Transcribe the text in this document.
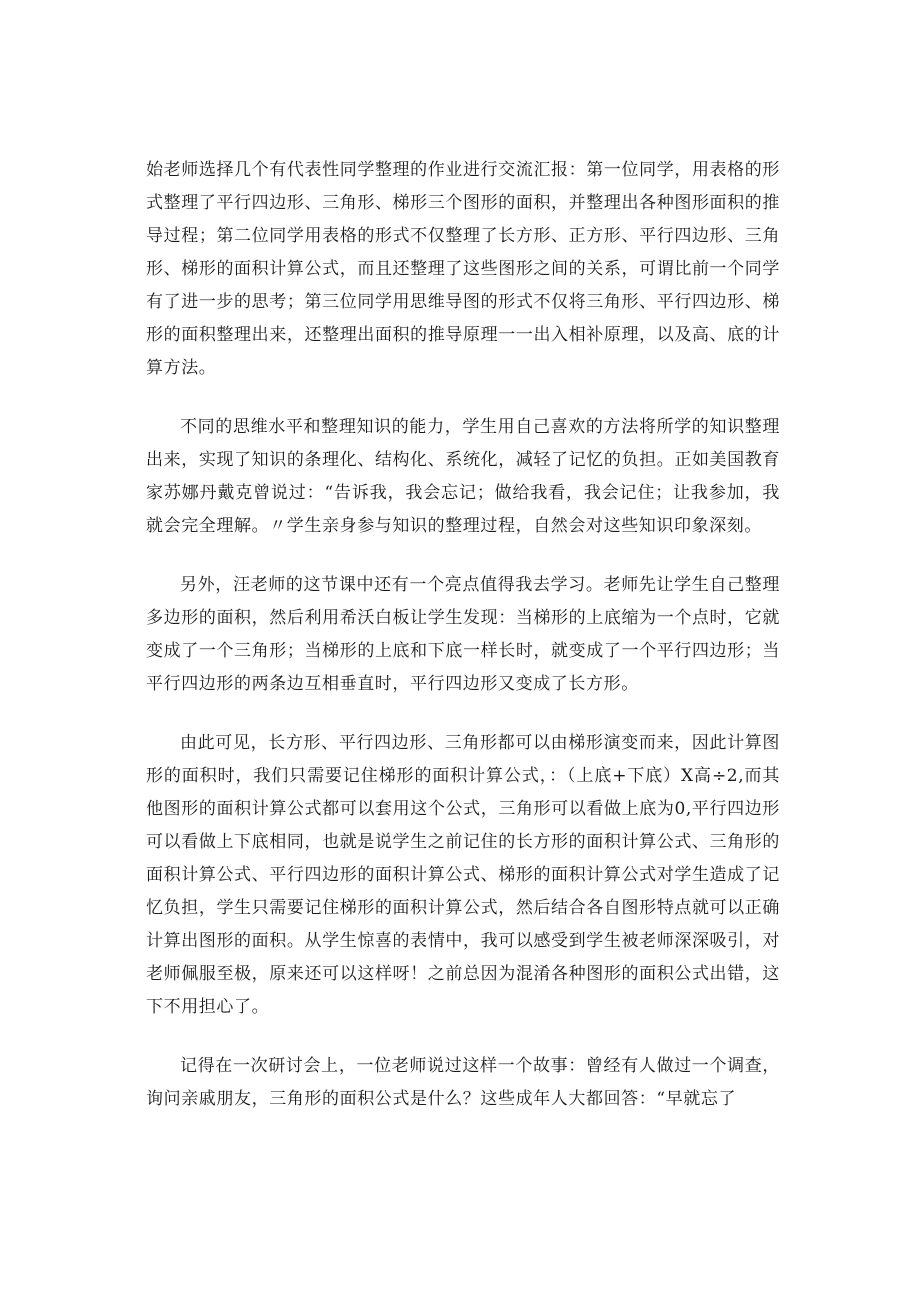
始老师选择几个有代表性同学整理的作业进行交流汇报：第一位同学，用表格的形式整理了平行四边形、三角形、梯形三个图形的面积，并整理出各种图形面积的推导过程；第二位同学用表格的形式不仅整理了长方形、正方形、平行四边形、三角形、梯形的面积计算公式，而且还整理了这些图形之间的关系，可谓比前一个同学有了进一步的思考；第三位同学用思维导图的形式不仅将三角形、平行四边形、梯形的面积整理出来，还整理出面积的推导原理一一出入相补原理，以及高、底的计算方法。

不同的思维水平和整理知识的能力，学生用自己喜欢的方法将所学的知识整理出来，实现了知识的条理化、结构化、系统化，减轻了记忆的负担。正如美国教育家苏娜丹戴克曾说过：“告诉我，我会忘记；做给我看，我会记住；让我参加，我就会完全理解。〃学生亲身参与知识的整理过程，自然会对这些知识印象深刻。

另外，汪老师的这节课中还有一个亮点值得我去学习。老师先让学生自己整理多边形的面积，然后利用希沃白板让学生发现：当梯形的上底缩为一个点时，它就变成了一个三角形；当梯形的上底和下底一样长时，就变成了一个平行四边形；当平行四边形的两条边互相垂直时，平行四边形又变成了长方形。

由此可见，长方形、平行四边形、三角形都可以由梯形演变而来，因此计算图形的面积时，我们只需要记住梯形的面积计算公式，：（上底+下底）X高÷2,而其他图形的面积计算公式都可以套用这个公式，三角形可以看做上底为0,平行四边形可以看做上下底相同，也就是说学生之前记住的长方形的面积计算公式、三角形的面积计算公式、平行四边形的面积计算公式、梯形的面积计算公式对学生造成了记忆负担，学生只需要记住梯形的面积计算公式，然后结合各自图形特点就可以正确计算出图形的面积。从学生惊喜的表情中，我可以感受到学生被老师深深吸引，对老师佩服至极，原来还可以这样呀！之前总因为混淆各种图形的面积公式出错，这下不用担心了。

记得在一次研讨会上，一位老师说过这样一个故事：曾经有人做过一个调查，询问亲戚朋友，三角形的面积公式是什么？这些成年人大都回答：“早就忘了
